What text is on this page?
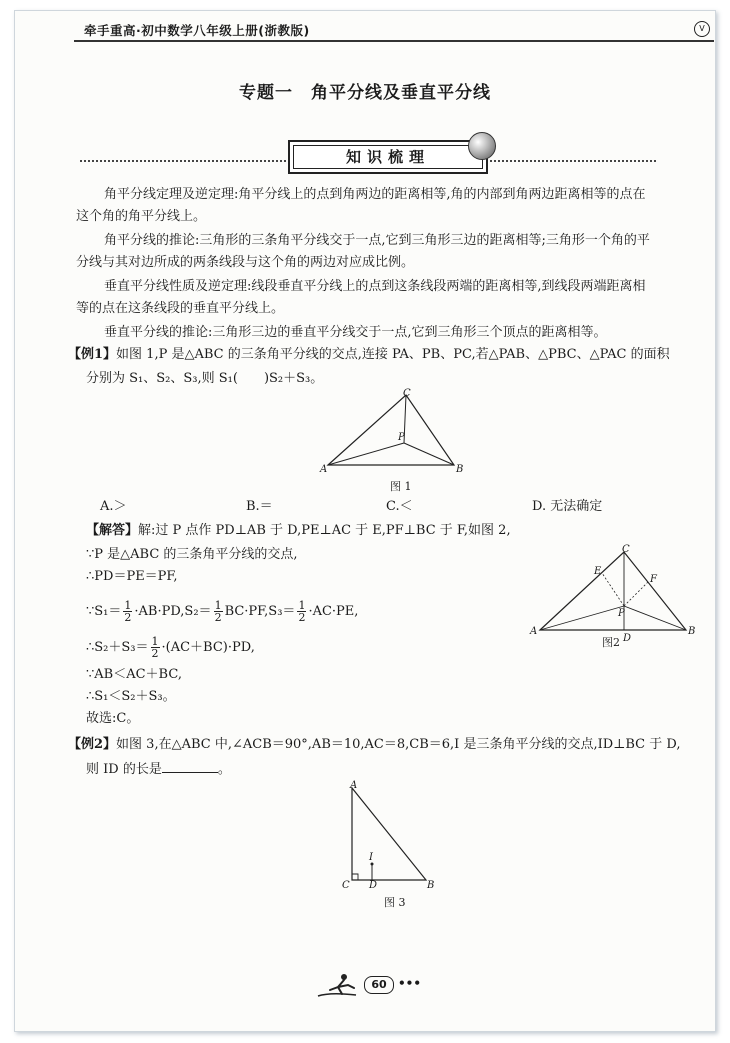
牵手重高·初中数学八年级上册(浙教版)	V
专题一　角平分线及垂直平分线
知识梳理
角平分线定理及逆定理:角平分线上的点到角两边的距离相等,角的内部到角两边距离相等的点在
这个角的角平分线上。
角平分线的推论:三角形的三条角平分线交于一点,它到三角形三边的距离相等;三角形一个角的平
分线与其对边所成的两条线段与这个角的两边对应成比例。
垂直平分线性质及逆定理:线段垂直平分线上的点到这条线段两端的距离相等,到线段两端距离相
等的点在这条线段的垂直平分线上。
垂直平分线的推论:三角形三边的垂直平分线交于一点,它到三角形三个顶点的距离相等。
【例1】如图 1,P 是△ABC 的三条角平分线的交点,连接 PA、PB、PC,若△PAB、△PBC、△PAC 的面积
分别为 S₁、S₂、S₃,则 S₁(　　)S₂＋S₃。
A	B
C
P
图 1
A.＞	B.＝	C.＜	D. 无法确定
【解答】解:过 P 点作 PD⊥AB 于 D,PE⊥AC 于 E,PF⊥BC 于 F,如图 2,
∵P 是△ABC 的三条角平分线的交点,
∴PD＝PE＝PF,
∵S₁＝ $\frac{1}{2} \cdot AB\cdot PD,S_2= \frac{1}{2} BC\cdot PF,S_3= \frac{1}{2} \cdot AC\cdot PE$,
∴S₂＋S₃＝ $\frac{1}{2} \cdot(AC+BC)\cdot PD$,
∵AB＜AC＋BC,
∴S₁＜S₂＋S₃。
故选:C。
A	B
C
D
E
F
P
图2
【例2】如图 3,在△ABC 中,∠ACB＝90°,AB＝10,AC＝8,CB＝6,I 是三条角平分线的交点,ID⊥BC 于 D,
则 ID 的长是	。
A
C D	B
I
图 3
60 •••
